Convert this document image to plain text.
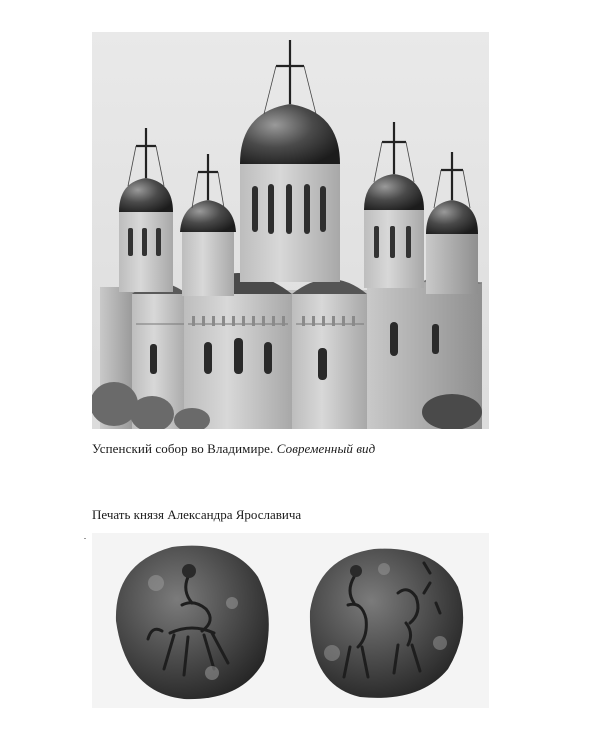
Успенский собор во Владимире. Современный вид
Печать князя Александра Ярославича
